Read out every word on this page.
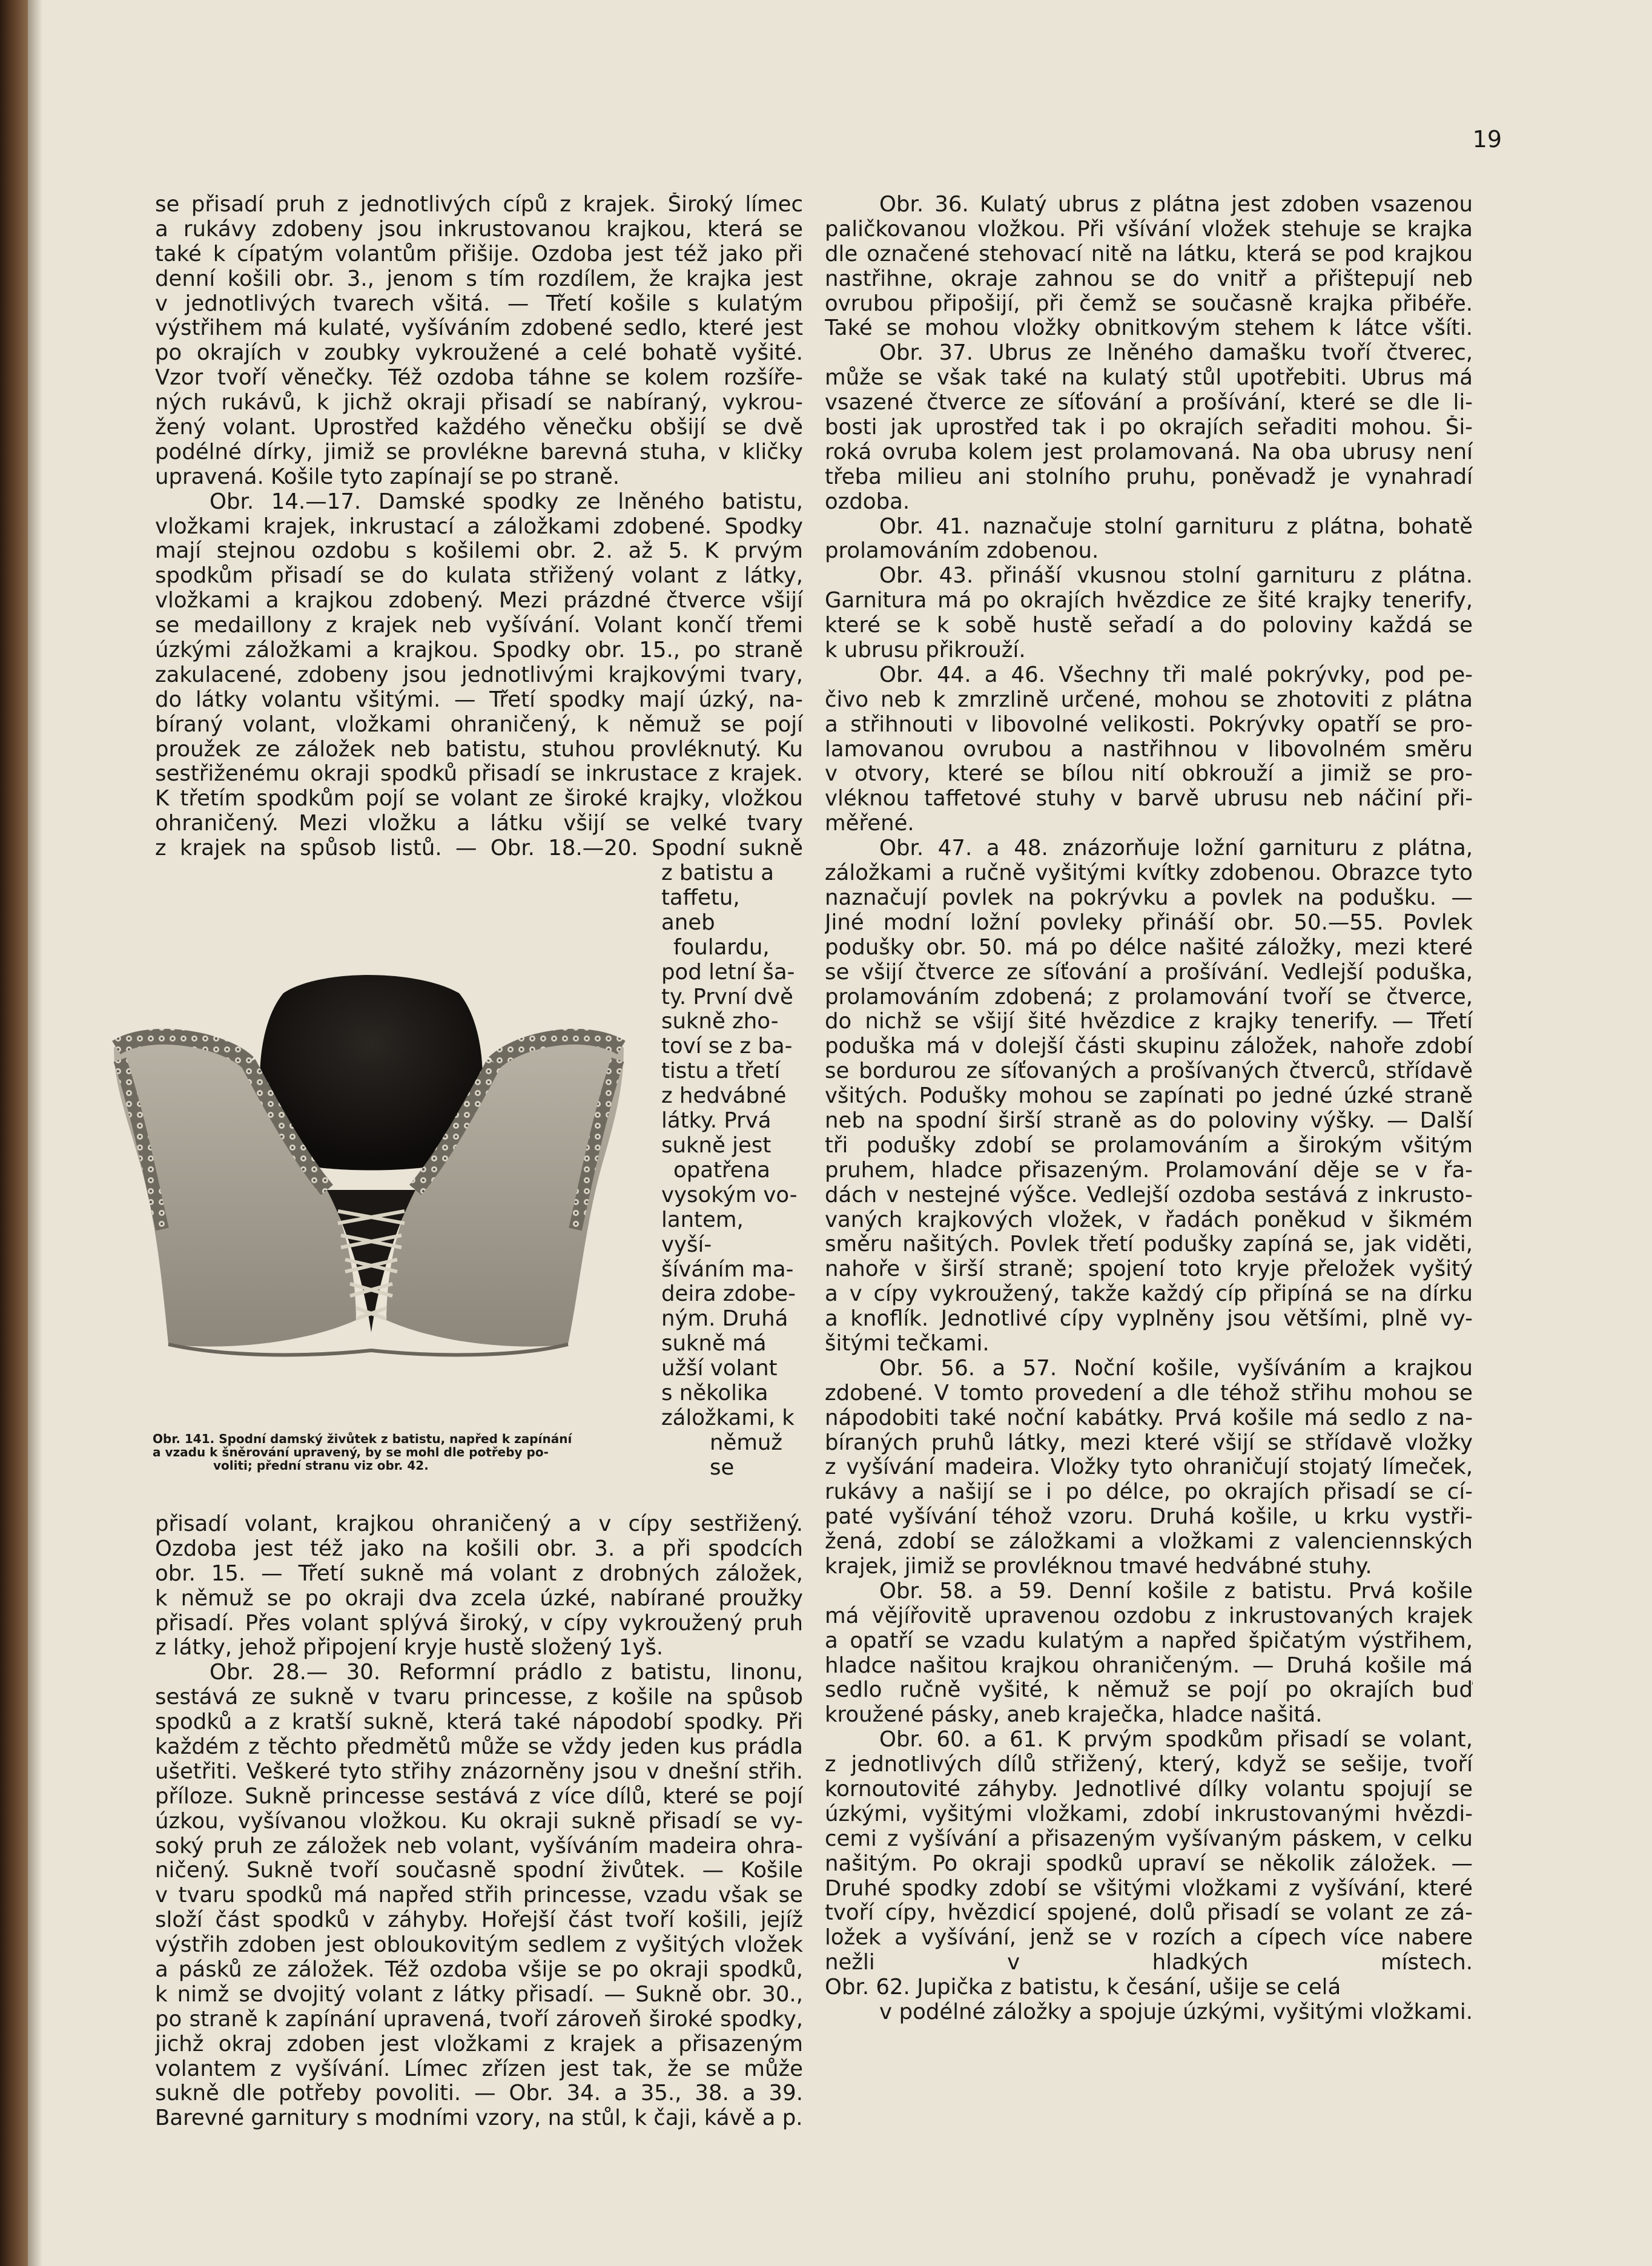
19
se přisadí pruh z jednotlivých cípů z krajek. Široký límec
a rukávy zdobeny jsou inkrustovanou krajkou, která se
také k cípatým volantům přišije. Ozdoba jest též jako při
denní košili obr. 3., jenom s tím rozdílem, že krajka jest
v jednotlivých tvarech všitá. — Třetí košile s kulatým
výstřihem má kulaté, vyšíváním zdobené sedlo, které jest
po okrajích v zoubky vykroužené a celé bohatě vyšité.
Vzor tvoří věnečky. Též ozdoba táhne se kolem rozšíře-
ných rukávů, k jichž okraji přisadí se nabíraný, vykrou-
žený volant. Uprostřed každého věnečku obšijí se dvě
podélné dírky, jimiž se provlékne barevná stuha, v kličky
upravená. Košile tyto zapínají se po straně.
Obr. 14.—17. Damské spodky ze lněného batistu,
vložkami krajek, inkrustací a záložkami zdobené. Spodky
mají stejnou ozdobu s košilemi obr. 2. až 5. K prvým
spodkům přisadí se do kulata střižený volant z látky,
vložkami a krajkou zdobený. Mezi prázdné čtverce všijí
se medaillony z krajek neb vyšívání. Volant končí třemi
úzkými záložkami a krajkou. Spodky obr. 15., po straně
zakulacené, zdobeny jsou jednotlivými krajkovými tvary,
do látky volantu všitými. — Třetí spodky mají úzký, na-
bíraný volant, vložkami ohraničený, k němuž se pojí
proužek ze záložek neb batistu, stuhou provléknutý. Ku
sestřiženému okraji spodků přisadí se inkrustace z krajek.
K třetím spodkům pojí se volant ze široké krajky, vložkou
ohraničený. Mezi vložku a látku všijí se velké tvary
z krajek na spůsob listů. — Obr. 18.—20. Spodní sukně
z batistu a
taffetu, aneb
foulardu,
pod letní ša-
ty. První dvě
sukně zho-
toví se z ba-
tistu a třetí
z hedvábné
látky. Prvá
sukně jest
opatřena
vysokým vo-
lantem, vyší-
šíváním ma-
deira zdobe-
ným. Druhá
sukně má
užší volant
s několika
záložkami, k
němuž se
Obr. 141. Spodní damský živůtek z batistu, napřed k zapínání
a vzadu k šněrování upravený, by se mohl dle potřeby po-
voliti; přední stranu viz obr. 42.
přisadí volant, krajkou ohraničený a v cípy sestřižený.
Ozdoba jest též jako na košili obr. 3. a při spodcích
obr. 15. — Třetí sukně má volant z drobných záložek,
k němuž se po okraji dva zcela úzké, nabírané proužky
přisadí. Přes volant splývá široký, v cípy vykroužený pruh
z látky, jehož připojení kryje hustě složený 1yš.
Obr. 28.— 30. Reformní prádlo z batistu, linonu,
sestává ze sukně v tvaru princesse, z košile na spůsob
spodků a z kratší sukně, která také nápodobí spodky. Při
každém z těchto předmětů může se vždy jeden kus prádla
ušetřiti. Veškeré tyto střihy znázorněny jsou v dnešní střih.
příloze. Sukně princesse sestává z více dílů, které se pojí
úzkou, vyšívanou vložkou. Ku okraji sukně přisadí se vy-
soký pruh ze záložek neb volant, vyšíváním madeira ohra-
ničený. Sukně tvoří současně spodní živůtek. — Košile
v tvaru spodků má napřed střih princesse, vzadu však se
složí část spodků v záhyby. Hořejší část tvoří košili, jejíž
výstřih zdoben jest obloukovitým sedlem z vyšitých vložek
a pásků ze záložek. Též ozdoba všije se po okraji spodků,
k nimž se dvojitý volant z látky přisadí. — Sukně obr. 30.,
po straně k zapínání upravená, tvoří zároveň široké spodky,
jichž okraj zdoben jest vložkami z krajek a přisazeným
volantem z vyšívání. Límec zřízen jest tak, že se může
sukně dle potřeby povoliti. — Obr. 34. a 35., 38. a 39.
Barevné garnitury s modními vzory, na stůl, k čaji, kávě a p.
Obr. 36. Kulatý ubrus z plátna jest zdoben vsazenou
paličkovanou vložkou. Při všívání vložek stehuje se krajka
dle označené stehovací nitě na látku, která se pod krajkou
nastřihne, okraje zahnou se do vnitř a přištepují neb
ovrubou připošijí, při čemž se současně krajka přibéře.
Také se mohou vložky obnitkovým stehem k látce všíti.
Obr. 37. Ubrus ze lněného damašku tvoří čtverec,
může se však také na kulatý stůl upotřebiti. Ubrus má
vsazené čtverce ze síťování a prošívání, které se dle li-
bosti jak uprostřed tak i po okrajích seřaditi mohou. Ši-
roká ovruba kolem jest prolamovaná. Na oba ubrusy není
třeba milieu ani stolního pruhu, poněvadž je vynahradí
ozdoba.
Obr. 41. naznačuje stolní garnituru z plátna, bohatě
prolamováním zdobenou.
Obr. 43. přináší vkusnou stolní garnituru z plátna.
Garnitura má po okrajích hvězdice ze šité krajky tenerify,
které se k sobě hustě seřadí a do poloviny každá se
k ubrusu přikrouží.
Obr. 44. a 46. Všechny tři malé pokrývky, pod pe-
čivo neb k zmrzlině určené, mohou se zhotoviti z plátna
a střihnouti v libovolné velikosti. Pokrývky opatří se pro-
lamovanou ovrubou a nastřihnou v libovolném směru
v otvory, které se bílou nití obkrouží a jimiž se pro-
vléknou taffetové stuhy v barvě ubrusu neb náčiní při-
měřené.
Obr. 47. a 48. znázorňuje ložní garnituru z plátna,
záložkami a ručně vyšitými kvítky zdobenou. Obrazce tyto
naznačují povlek na pokrývku a povlek na podušku. —
Jiné modní ložní povleky přináší obr. 50.—55. Povlek
podušky obr. 50. má po délce našité záložky, mezi které
se všijí čtverce ze síťování a prošívání. Vedlejší poduška,
prolamováním zdobená; z prolamování tvoří se čtverce,
do nichž se všijí šité hvězdice z krajky tenerify. — Třetí
poduška má v dolejší části skupinu záložek, nahoře zdobí
se bordurou ze síťovaných a prošívaných čtverců, střídavě
všitých. Podušky mohou se zapínati po jedné úzké straně
neb na spodní širší straně as do poloviny výšky. — Další
tři podušky zdobí se prolamováním a širokým všitým
pruhem, hladce přisazeným. Prolamování děje se v řa-
dách v nestejné výšce. Vedlejší ozdoba sestává z inkrusto-
vaných krajkových vložek, v řadách poněkud v šikmém
směru našitých. Povlek třetí podušky zapíná se, jak viděti,
nahoře v širší straně; spojení toto kryje přeložek vyšitý
a v cípy vykroužený, takže každý cíp připíná se na dírku
a knoflík. Jednotlivé cípy vyplněny jsou většími, plně vy-
šitými tečkami.
Obr. 56. a 57. Noční košile, vyšíváním a krajkou
zdobené. V tomto provedení a dle téhož střihu mohou se
nápodobiti také noční kabátky. Prvá košile má sedlo z na-
bíraných pruhů látky, mezi které všijí se střídavě vložky
z vyšívání madeira. Vložky tyto ohraničují stojatý límeček,
rukávy a našijí se i po délce, po okrajích přisadí se cí-
paté vyšívání téhož vzoru. Druhá košile, u krku vystři-
žená, zdobí se záložkami a vložkami z valenciennských
krajek, jimiž se provléknou tmavé hedvábné stuhy.
Obr. 58. a 59. Denní košile z batistu. Prvá košile
má vějířovitě upravenou ozdobu z inkrustovaných krajek
a opatří se vzadu kulatým a napřed špičatým výstřihem,
hladce našitou krajkou ohraničeným. — Druhá košile má
sedlo ručně vyšité, k němuž se pojí po okrajích buď
kroužené pásky, aneb kraječka, hladce našitá.
Obr. 60. a 61. K prvým spodkům přisadí se volant,
z jednotlivých dílů střižený, který, když se sešije, tvoří
kornoutovité záhyby. Jednotlivé dílky volantu spojují se
úzkými, vyšitými vložkami, zdobí inkrustovanými hvězdi-
cemi z vyšívání a přisazeným vyšívaným páskem, v celku
našitým. Po okraji spodků upraví se několik záložek. —
Druhé spodky zdobí se všitými vložkami z vyšívání, které
tvoří cípy, hvězdicí spojené, dolů přisadí se volant ze zá-
ložek a vyšívání, jenž se v rozích a cípech více nabere
nežli v hladkých místech.
Obr. 62. Jupička z batistu, k česání, ušije se celá
v podélné záložky a spojuje úzkými, vyšitými vložkami.
